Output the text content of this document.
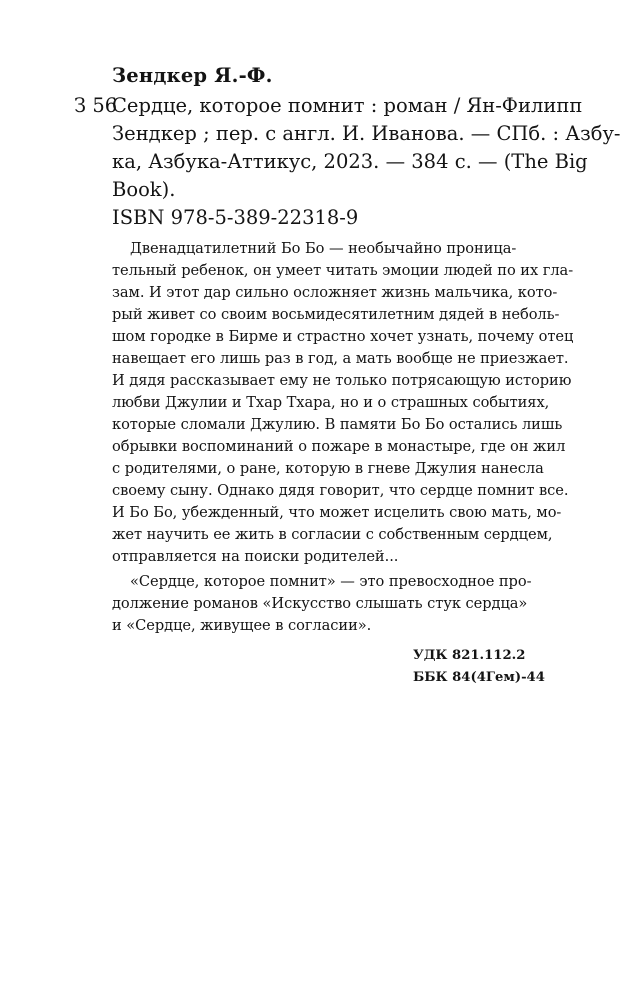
Зендкер Я.-Ф.
З 56
Сердце, которое помнит : роман / Ян-Филипп
Зендкер ; пер. с англ. И. Иванова. — СПб. : Азбу-
ка, Азбука-Аттикус, 2023. — 384 с. — (The Big
Book).
ISBN 978-5-389-22318-9
Двенадцатилетний Бо Бо — необычайно проница-
тельный ребенок, он умеет читать эмоции людей по их гла-
зам. И этот дар сильно осложняет жизнь мальчика, кото-
рый живет со своим восьмидесятилетним дядей в неболь-
шом городке в Бирме и страстно хочет узнать, почему отец
навещает его лишь раз в год, а мать вообще не приезжает.
И дядя рассказывает ему не только потрясающую историю
любви Джулии и Тхар Тхара, но и о страшных событиях,
которые сломали Джулию. В памяти Бо Бо остались лишь
обрывки воспоминаний о пожаре в монастыре, где он жил
с родителями, о ране, которую в гневе Джулия нанесла
своему сыну. Однако дядя говорит, что сердце помнит все.
И Бо Бо, убежденный, что может исцелить свою мать, мо-
жет научить ее жить в согласии с собственным сердцем,
отправляется на поиски родителей...
«Сердце, которое помнит» — это превосходное про-
должение романов «Искусство слышать стук сердца»
и «Сердце, живущее в согласии».
УДК 821.112.2
ББК 84(4Гем)-44
